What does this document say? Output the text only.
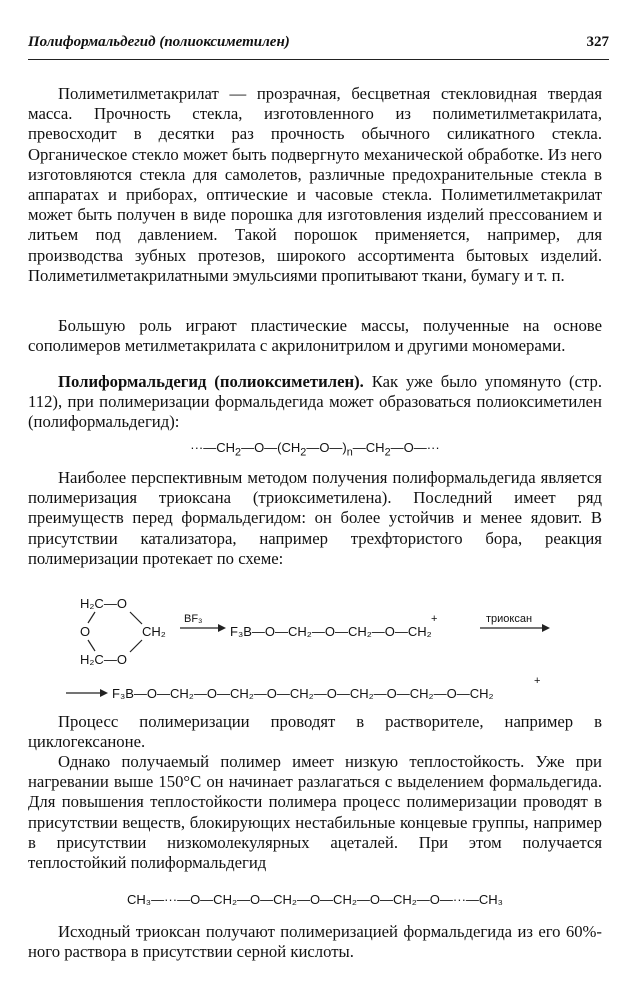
Полиформальдегид (полиоксиметилен)	327

Полиметилметакрилат — прозрачная, бесцветная стекловидная твердая масса. Прочность стекла, изготовленного из полиметилметакрилата, превосходит в десятки раз прочность обычного силикатного стекла. Органическое стекло может быть подвергнуто механической обработке. Из него изготовляются стекла для самолетов, различные предохранительные стекла в аппаратах и приборах, оптические и часовые стекла. Полиметилметакрилат может быть получен в виде порошка для изготовления изделий прессованием и литьем под давлением. Такой порошок применяется, например, для производства зубных протезов, широкого ассортимента бытовых изделий. Полиметилметакрилатными эмульсиями пропитывают ткани, бумагу и т. п.

Большую роль играют пластические массы, полученные на основе сополимеров метилметакрилата с акрилонитрилом и другими мономерами.

Полиформальдегид (полиоксиметилен). Как уже было упомянуто (стр. 112), при полимеризации формальдегида может образоваться полиоксиметилен (полиформальдегид):

$\cdot\cdot\cdot—CH_2—O—(CH_2—O—)_n—CH_2—O—\cdot\cdot\cdot$

Наиболее перспективным методом получения полиформальдегида является полимеризация триоксана (триоксиметилена). Последний имеет ряд преимуществ перед формальдегидом: он более устойчив и менее ядовит. В присутствии катализатора, например трехфтористого бора, реакция полимеризации протекает по схеме:

H₂C—O
O	CH₂
H₂C—O
BF₃
F₃B—O—CH₂—O—CH₂—O—CH₂
+	триоксан
F₃B—O—CH₂—O—CH₂—O—CH₂—O—CH₂—O—CH₂—O—CH₂
+

Процесс полимеризации проводят в растворителе, например в циклогексаноне.

Однако получаемый полимер имеет низкую теплостойкость. Уже при нагревании выше 150°C он начинает разлагаться с выделением формальдегида. Для повышения теплостойкости полимера процесс полимеризации проводят в присутствии веществ, блокирующих нестабильные концевые группы, например в присутствии низкомолекулярных ацеталей. При этом получается теплостойкий полиформальдегид

CH₃—···—O—CH₂—O—CH₂—O—CH₂—O—CH₂—O—···—CH₃

Исходный триоксан получают полимеризацией формальдегида из его 60%-ного раствора в присутствии серной кислоты.
